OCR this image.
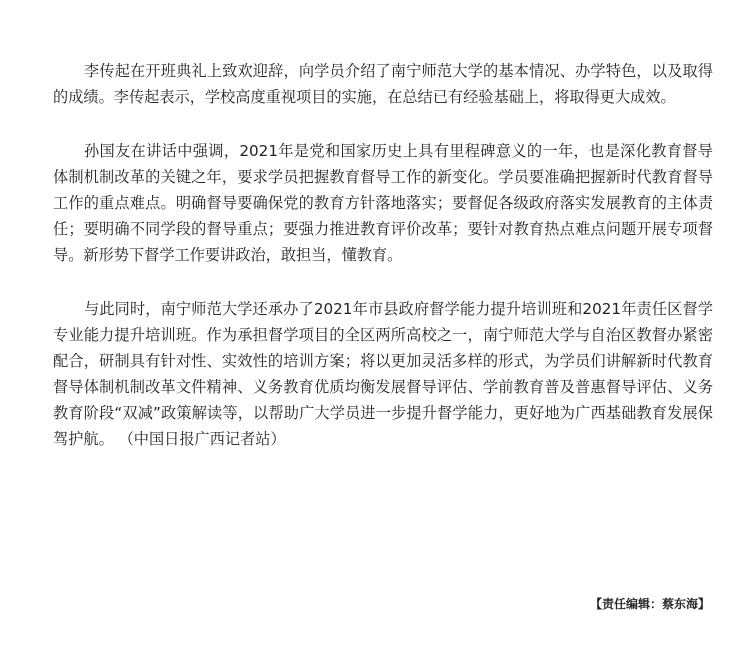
李传起在开班典礼上致欢迎辞，向学员介绍了南宁师范大学的基本情况、办学特色，以及取得的成绩。李传起表示，学校高度重视项目的实施，在总结已有经验基础上，将取得更大成效。

孙国友在讲话中强调，2021年是党和国家历史上具有里程碑意义的一年，也是深化教育督导体制机制改革的关键之年，要求学员把握教育督导工作的新变化。学员要准确把握新时代教育督导工作的重点难点。明确督导要确保党的教育方针落地落实；要督促各级政府落实发展教育的主体责任；要明确不同学段的督导重点；要强力推进教育评价改革；要针对教育热点难点问题开展专项督导。新形势下督学工作要讲政治，敢担当，懂教育。

与此同时，南宁师范大学还承办了2021年市县政府督学能力提升培训班和2021年责任区督学专业能力提升培训班。作为承担督学项目的全区两所高校之一，南宁师范大学与自治区教督办紧密配合，研制具有针对性、实效性的培训方案；将以更加灵活多样的形式，为学员们讲解新时代教育督导体制机制改革文件精神、义务教育优质均衡发展督导评估、学前教育普及普惠督导评估、义务教育阶段“双减”政策解读等，以帮助广大学员进一步提升督学能力，更好地为广西基础教育发展保驾护航。 （中国日报广西记者站）

【责任编辑：蔡东海】
